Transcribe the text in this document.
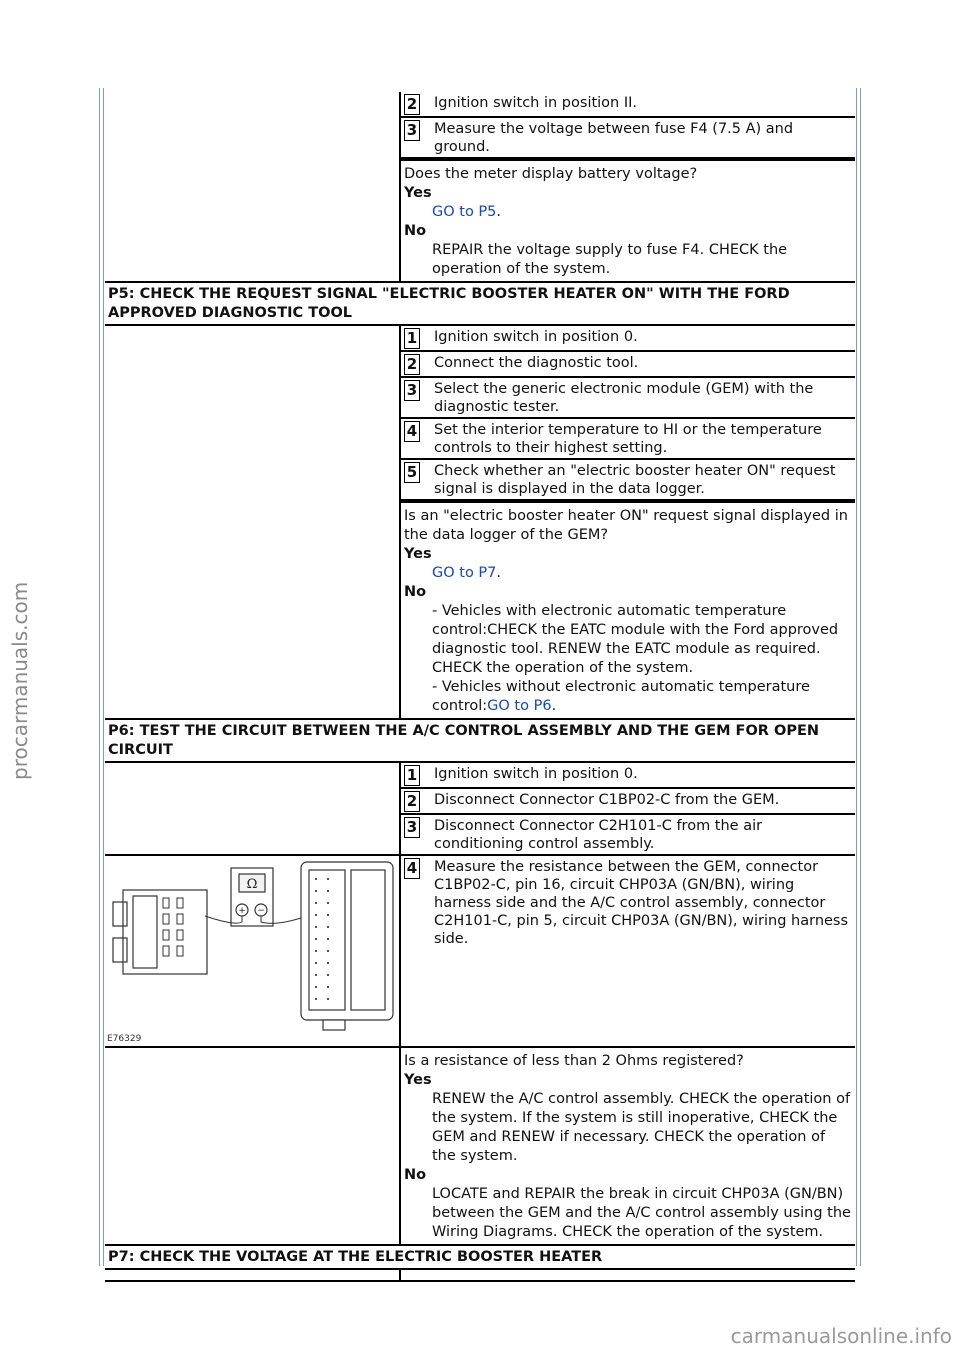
procarmanuals.com
carmanualsonline.info
2 Ignition switch in position II.
3 Measure the voltage between fuse F4 (7.5 A) and ground.
Does the meter display battery voltage?
Yes
GO to P5.
No
REPAIR the voltage supply to fuse F4. CHECK the operation of the system.
P5: CHECK THE REQUEST SIGNAL "ELECTRIC BOOSTER HEATER ON" WITH THE FORD APPROVED DIAGNOSTIC TOOL
1 Ignition switch in position 0.
2 Connect the diagnostic tool.
3 Select the generic electronic module (GEM) with the diagnostic tester.
4 Set the interior temperature to HI or the temperature controls to their highest setting.
5 Check whether an "electric booster heater ON" request signal is displayed in the data logger.
Is an "electric booster heater ON" request signal displayed in the data logger of the GEM?
Yes
GO to P7.
No
- Vehicles with electronic automatic temperature control:CHECK the EATC module with the Ford approved diagnostic tool. RENEW the EATC module as required. CHECK the operation of the system.
- Vehicles without electronic automatic temperature control:GO to P6.
P6: TEST THE CIRCUIT BETWEEN THE A/C CONTROL ASSEMBLY AND THE GEM FOR OPEN CIRCUIT
1 Ignition switch in position 0.
2 Disconnect Connector C1BP02-C from the GEM.
3 Disconnect Connector C2H101-C from the air conditioning control assembly.
Ω
+ −
E76329
4 Measure the resistance between the GEM, connector C1BP02-C, pin 16, circuit CHP03A (GN/BN), wiring harness side and the A/C control assembly, connector C2H101-C, pin 5, circuit CHP03A (GN/BN), wiring harness side.
Is a resistance of less than 2 Ohms registered?
Yes
RENEW the A/C control assembly. CHECK the operation of the system. If the system is still inoperative, CHECK the GEM and RENEW if necessary. CHECK the operation of the system.
No
LOCATE and REPAIR the break in circuit CHP03A (GN/BN) between the GEM and the A/C control assembly using the Wiring Diagrams. CHECK the operation of the system.
P7: CHECK THE VOLTAGE AT THE ELECTRIC BOOSTER HEATER
